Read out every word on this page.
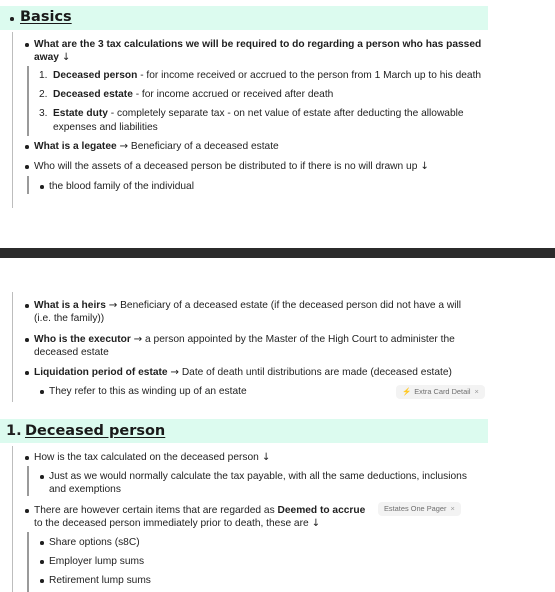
Basics
What are the 3 tax calculations we will be required to do regarding a person who has passed
away ↓
1. Deceased person - for income received or accrued to the person from 1 March up to his death
2. Deceased estate - for income accrued or received after death
3. Estate duty - completely separate tax - on net value of estate after deducting the allowable
expenses and liabilities
What is a legatee → Beneficiary of a deceased estate
Who will the assets of a deceased person be distributed to if there is no will drawn up ↓
the blood family of the individual
What is a heirs → Beneficiary of a deceased estate (if the deceased person did not have a will
(i.e. the family))
Who is the executor → a person appointed by the Master of the High Court to administer the
deceased estate
Liquidation period of estate → Date of death until distributions are made (deceased estate)
They refer to this as winding up of an estate	⚡ Extra Card Detail ×
1. Deceased person
How is the tax calculated on the deceased person ↓
Just as we would normally calculate the tax payable, with all the same deductions, inclusions
and exemptions
There are however certain items that are regarded as Deemed to accrue	Estates One Pager ×
to the deceased person immediately prior to death, these are ↓
Share options (s8C)
Employer lump sums
Retirement lump sums
